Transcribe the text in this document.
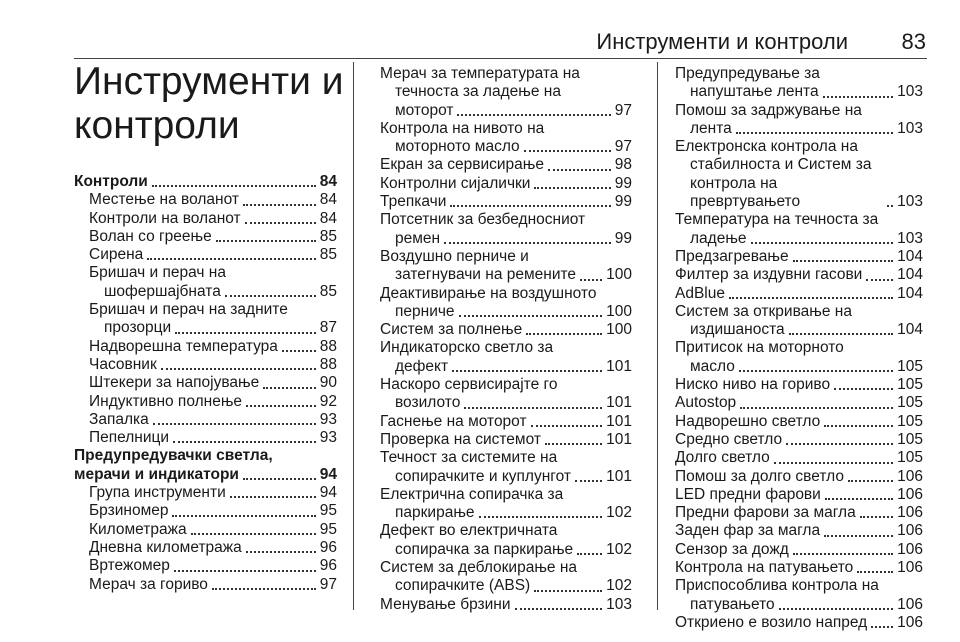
Инструменти и контроли 83
Инструменти и
контроли
Контроли	84
Местење на воланот	84
Контроли на воланот	84
Волан со греење	85
Сирена	85
Бришач и перач на
шофершајбната	85
Бришач и перач на задните
прозорци	87
Надворешна температура	88
Часовник	88
Штекери за напојување	90
Индуктивно полнење	92
Запалка	93
Пепелници	93
Предупредувачки светла,
мерачи и индикатори	94
Група инструменти	94
Брзиномер	95
Километража	95
Дневна километража	96
Вртежомер	96
Мерач за гориво	97
Мерач за температурата на
течноста за ладење на
моторот	97
Контрола на нивото на
моторното масло	97
Екран за сервисирање	98
Контролни сијалички	99
Трепкачи	99
Потсетник за безбедносниот
ремен	99
Воздушно перниче и
затегнувачи на ремените 100
Деактивирање на воздушното
перниче	100
Систем за полнење	100
Индикаторско светло за
дефект	101
Наскоро сервисирајте го
возилото	101
Гаснење на моторот	101
Проверка на системот	101
Течност за системите на
сопирачките и куплунгот 101
Електрична сопирачка за
паркирање	102
Дефект во електричната
сопирачка за паркирање 102
Систем за деблокирање на
сопирачките (ABS)	102
Менување брзини	103
Предупредување за
напуштање лента	103
Помош за задржување на
лента	103
Електронска контрола на
стабилноста и Систем за
контрола на превртувањето	103
Температура на течноста за
ладење	103
Предзагревање	104
Филтер за издувни гасови 104
AdBlue	104
Систем за откривање на
издишаноста	104
Притисок на моторното
масло	105
Ниско ниво на гориво	105
Autostop	105
Надворешно светло	105
Средно светло	105
Долго светло	105
Помош за долго светло	106
LED предни фарови	106
Предни фарови за магла	106
Заден фар за магла	106
Сензор за дожд	106
Контрола на патувањето	106
Приспособлива контрола на
патувањето	106
Откриено е возило напред 106
